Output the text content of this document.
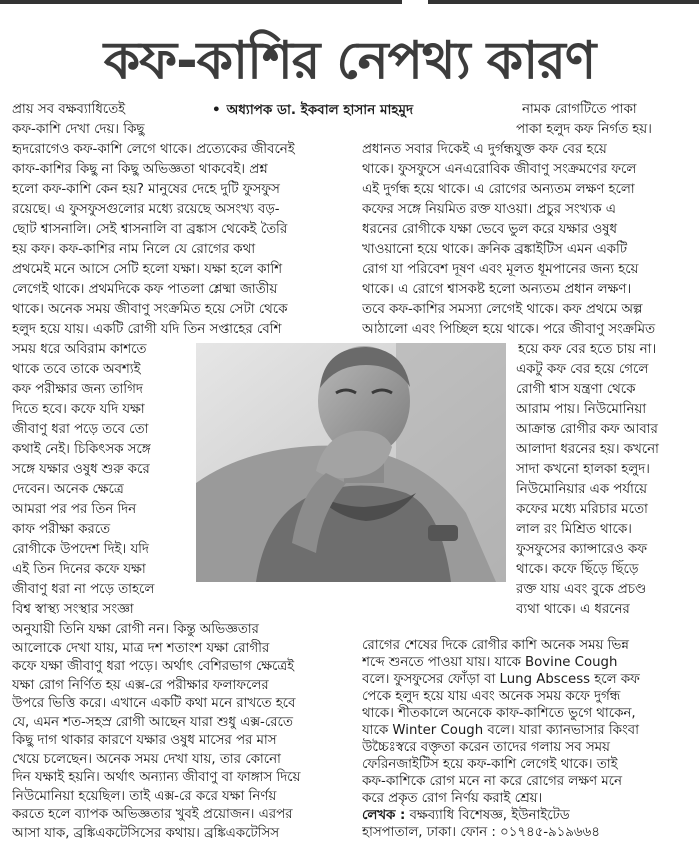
কফ-কাশির নেপথ্য কারণ
• অধ্যাপক ডা. ইকবাল হাসান মাহমুদ
প্রায় সব বক্ষব্যাধিতেই
কফ-কাশি দেখা দেয়। কিছু
নামক রোগটিতে পাকা
পাকা হলুদ কফ নির্গত হয়।
হৃদরোগেও কফ-কাশি লেগে থাকে। প্রত্যেকের জীবনেই
কাফ-কাশির কিছু না কিছু অভিজ্ঞতা থাকবেই। প্রশ্ন
হলো কফ-কাশি কেন হয়? মানুষের দেহে দুটি ফুসফুস
রয়েছে। এ ফুসফুসগুলোর মধ্যে রয়েছে অসংখ্য বড়-
ছোট শ্বাসনালি। সেই শ্বাসনালি বা ব্রঙ্কাস থেকেই তৈরি
হয় কফ। কফ-কাশির নাম নিলে যে রোগের কথা
প্রথমেই মনে আসে সেটি হলো যক্ষা। যক্ষা হলে কাশি
লেগেই থাকে। প্রথমদিকে কফ পাতলা শ্লেষ্মা জাতীয়
থাকে। অনেক সময় জীবাণু সংক্রমিত হয়ে সেটা থেকে
হলুদ হয়ে যায়। একটি রোগী যদি তিন সপ্তাহের বেশি
প্রধানত সবার দিকেই এ দুর্গন্ধযুক্ত কফ বের হয়ে
থাকে। ফুসফুসে এনএরোবিক জীবাণু সংক্রমণের ফলে
এই দুর্গন্ধ হয়ে থাকে। এ রোগের অন্যতম লক্ষণ হলো
কফের সঙ্গে নিয়মিত রক্ত যাওয়া। প্রচুর সংখ্যক এ
ধরনের রোগীকে যক্ষা ভেবে ভুল করে যক্ষার ওষুধ
খাওয়ানো হয়ে থাকে। ক্রনিক ব্রঙ্কাইটিস এমন একটি
রোগ যা পরিবেশ দূষণ এবং মূলত ধূমপানের জন্য হয়ে
থাকে। এ রোগে শ্বাসকষ্ট হলো অন্যতম প্রধান লক্ষণ।
তবে কফ-কাশির সমস্যা লেগেই থাকে। কফ প্রথমে অল্প
আঠালো এবং পিচ্ছিল হয়ে থাকে। পরে জীবাণু সংক্রমিত
হয়ে কফ বের হতে চায় না।
সময় ধরে অবিরাম কাশতে
থাকে তবে তাকে অবশ্যই
কফ পরীক্ষার জন্য তাগিদ
দিতে হবে। কফে যদি যক্ষা
জীবাণু ধরা পড়ে তবে তো
কথাই নেই। চিকিৎসক সঙ্গে
সঙ্গে যক্ষার ওষুধ শুরু করে
দেবেন। অনেক ক্ষেত্রে
আমরা পর পর তিন দিন
কাফ পরীক্ষা করতে
রোগীকে উপদেশ দিই। যদি
এই তিন দিনের কফে যক্ষা
জীবাণু ধরা না পড়ে তাহলে
বিশ্ব স্বাস্থ্য সংস্থার সংজ্ঞা
একটু কফ বের হয়ে গেলে
রোগী শ্বাস যন্ত্রণা থেকে
আরাম পায়। নিউমোনিয়া
আক্রান্ত রোগীর কফ আবার
আলাদা ধরনের হয়। কখনো
সাদা কখনো হালকা হলুদ।
নিউমোনিয়ার এক পর্যায়ে
কফের মধ্যে মরিচার মতো
লাল রং মিশ্রিত থাকে।
ফুসফুসের ক্যান্সারেও কফ
থাকে। কফে ছিঁড়ে ছিঁড়ে
রক্ত যায় এবং বুকে প্রচণ্ড
ব্যথা থাকে। এ ধরনের
অনুযায়ী তিনি যক্ষা রোগী নন। কিন্তু অভিজ্ঞতার
আলোকে দেখা যায়, মাত্র দশ শতাংশ যক্ষা রোগীর
কফে যক্ষা জীবাণু ধরা পড়ে। অর্থাৎ বেশিরভাগ ক্ষেত্রেই
যক্ষা রোগ নির্ণিত হয় এক্স-রে পরীক্ষার ফলাফলের
উপরে ভিত্তি করে। এখানে একটি কথা মনে রাখতে হবে
যে, এমন শত-সহস্র রোগী আছেন যারা শুধু এক্স-রেতে
কিছু দাগ থাকার কারণে যক্ষার ওষুধ মাসের পর মাস
খেয়ে চলেছেন। অনেক সময় দেখা যায়, তার কোনো
দিন যক্ষাই হয়নি। অর্থাৎ অন্যান্য জীবাণু বা ফাঙ্গাস দিয়ে
নিউমোনিয়া হয়েছিল। তাই এক্স-রে করে যক্ষা নির্ণয়
করতে হলে ব্যাপক অভিজ্ঞতার খুবই প্রয়োজন। এরপর
রোগের শেষের দিকে রোগীর কাশি অনেক সময় ভিন্ন
শব্দে শুনতে পাওয়া যায়। যাকে Bovine Cough
বলে। ফুসফুসের ফোঁড়া বা Lung Abscess হলে কফ
পেকে হলুদ হয়ে যায় এবং অনেক সময় কফে দুর্গন্ধ
থাকে। শীতকালে অনেকে কাফ-কাশিতে ভুগে থাকেন,
যাকে Winter Cough বলে। যারা ক্যানভাসার কিংবা
উচ্চৈঃস্বরে বক্তৃতা করেন তাদের গলায় সব সময়
ফেরিনজাইটিস হয়ে কফ-কাশি লেগেই থাকে। তাই
কফ-কাশিকে রোগ মনে না করে রোগের লক্ষণ মনে
করে প্রকৃত রোগ নির্ণয় করাই শ্রেয়।
লেখক : বক্ষব্যাধি বিশেষজ্ঞ, ইউনাইটেড
হাসপাতাল, ঢাকা। ফোন : ০১৭৪৫-৯১৯৬৬৪
আসা যাক, ব্রঙ্কিএকটেসিসের কথায়। ব্রঙ্কিএকটেসিস
